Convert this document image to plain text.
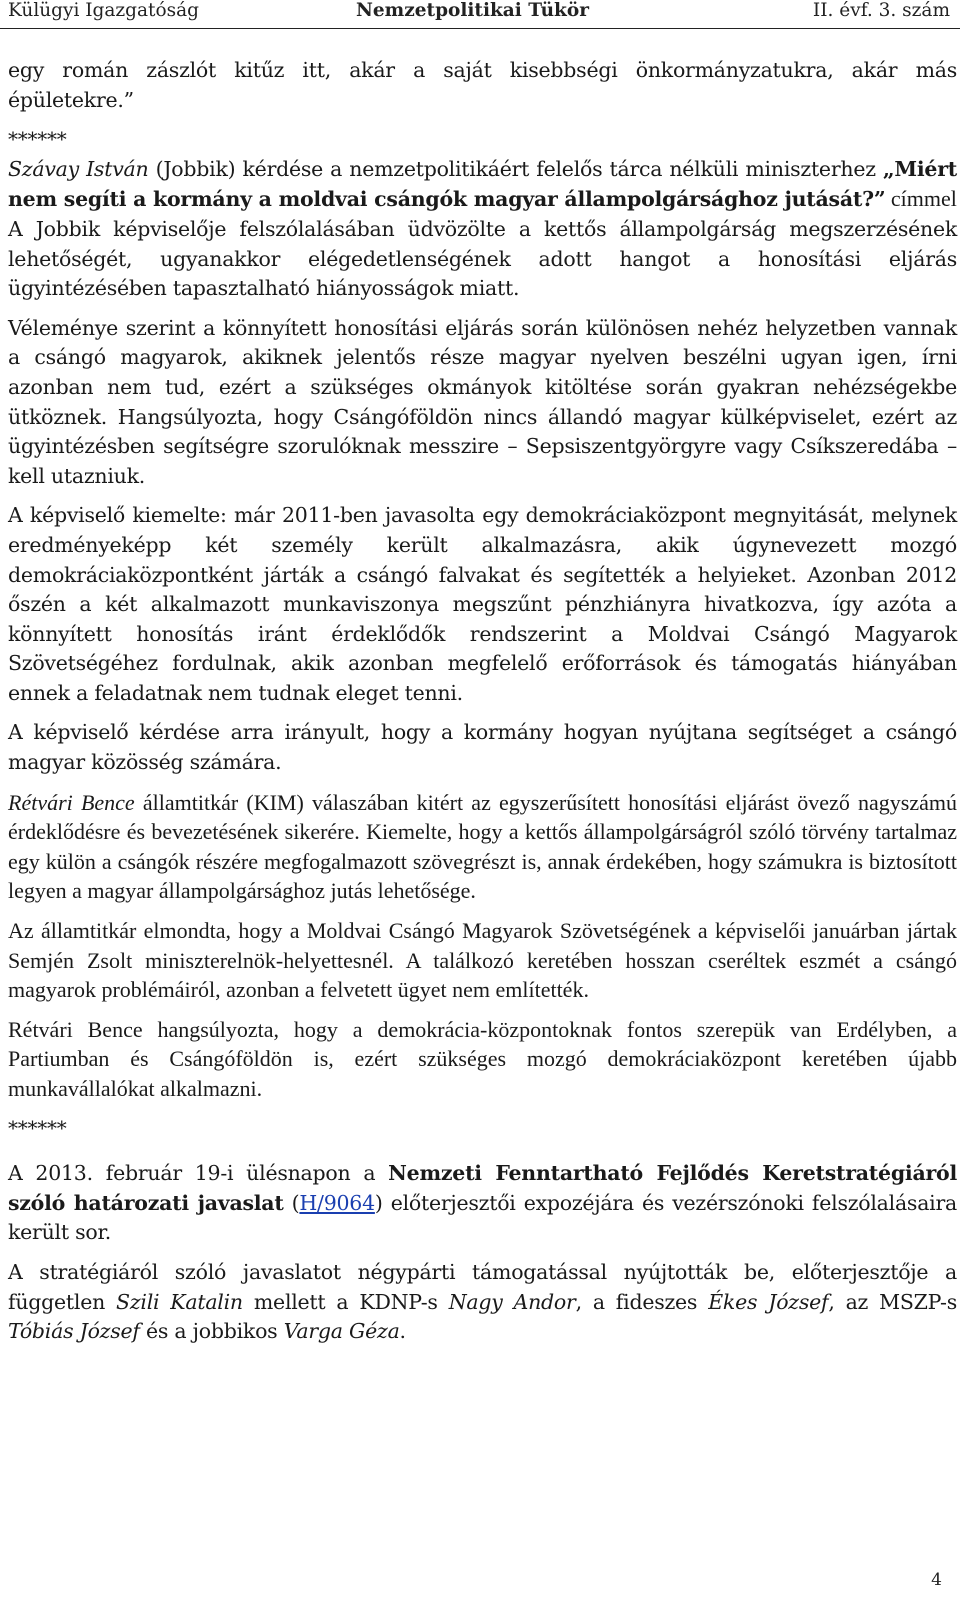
Külügyi Igazgatóság	Nemzetpolitikai Tükör	II. évf. 3. szám

egy román zászlót kitűz itt, akár a saját kisebbségi önkormányzatukra, akár más épületekre.”

******

Szávay István (Jobbik) kérdése a nemzetpolitikáért felelős tárca nélküli miniszterhez „Miért nem segíti a kormány a moldvai csángók magyar állampolgársághoz jutását?” címmel

A Jobbik képviselője felszólalásában üdvözölte a kettős állampolgárság megszerzésének lehetőségét, ugyanakkor elégedetlenségének adott hangot a honosítási eljárás ügyintézésében tapasztalható hiányosságok miatt.

Véleménye szerint a könnyített honosítási eljárás során különösen nehéz helyzetben vannak a csángó magyarok, akiknek jelentős része magyar nyelven beszélni ugyan igen, írni azonban nem tud, ezért a szükséges okmányok kitöltése során gyakran nehézségekbe ütköznek. Hangsúlyozta, hogy Csángóföldön nincs állandó magyar külképviselet, ezért az ügyintézésben segítségre szorulóknak messzire – Sepsiszentgyörgyre vagy Csíkszeredába – kell utazniuk.

A képviselő kiemelte: már 2011-ben javasolta egy demokráciaközpont megnyitását, melynek eredményeképp két személy került alkalmazásra, akik úgynevezett mozgó demokráciaközpontként járták a csángó falvakat és segítették a helyieket. Azonban 2012 őszén a két alkalmazott munkaviszonya megszűnt pénzhiányra hivatkozva, így azóta a könnyített honosítás iránt érdeklődők rendszerint a Moldvai Csángó Magyarok Szövetségéhez fordulnak, akik azonban megfelelő erőforrások és támogatás hiányában ennek a feladatnak nem tudnak eleget tenni.

A képviselő kérdése arra irányult, hogy a kormány hogyan nyújtana segítséget a csángó magyar közösség számára.

Rétvári Bence államtitkár (KIM) válaszában kitért az egyszerűsített honosítási eljárást övező nagyszámú érdeklődésre és bevezetésének sikerére. Kiemelte, hogy a kettős állampolgárságról szóló törvény tartalmaz egy külön a csángók részére megfogalmazott szövegrészt is, annak érdekében, hogy számukra is biztosított legyen a magyar állampolgársághoz jutás lehetősége.

Az államtitkár elmondta, hogy a Moldvai Csángó Magyarok Szövetségének a képviselői januárban jártak Semjén Zsolt miniszterelnök-helyettesnél. A találkozó keretében hosszan cseréltek eszmét a csángó magyarok problémáiról, azonban a felvetett ügyet nem említették.

Rétvári Bence hangsúlyozta, hogy a demokrácia-központoknak fontos szerepük van Erdélyben, a Partiumban és Csángóföldön is, ezért szükséges mozgó demokráciaközpont keretében újabb munkavállalókat alkalmazni.

******

A 2013. február 19-i ülésnapon a Nemzeti Fenntartható Fejlődés Keretstratégiáról szóló határozati javaslat (H/9064) előterjesztői expozéjára és vezérszónoki felszólalásaira került sor.

A stratégiáról szóló javaslatot négypárti támogatással nyújtották be, előterjesztője a független Szili Katalin mellett a KDNP-s Nagy Andor, a fideszes Ékes József, az MSZP-s Tóbiás József és a jobbikos Varga Géza.

4
